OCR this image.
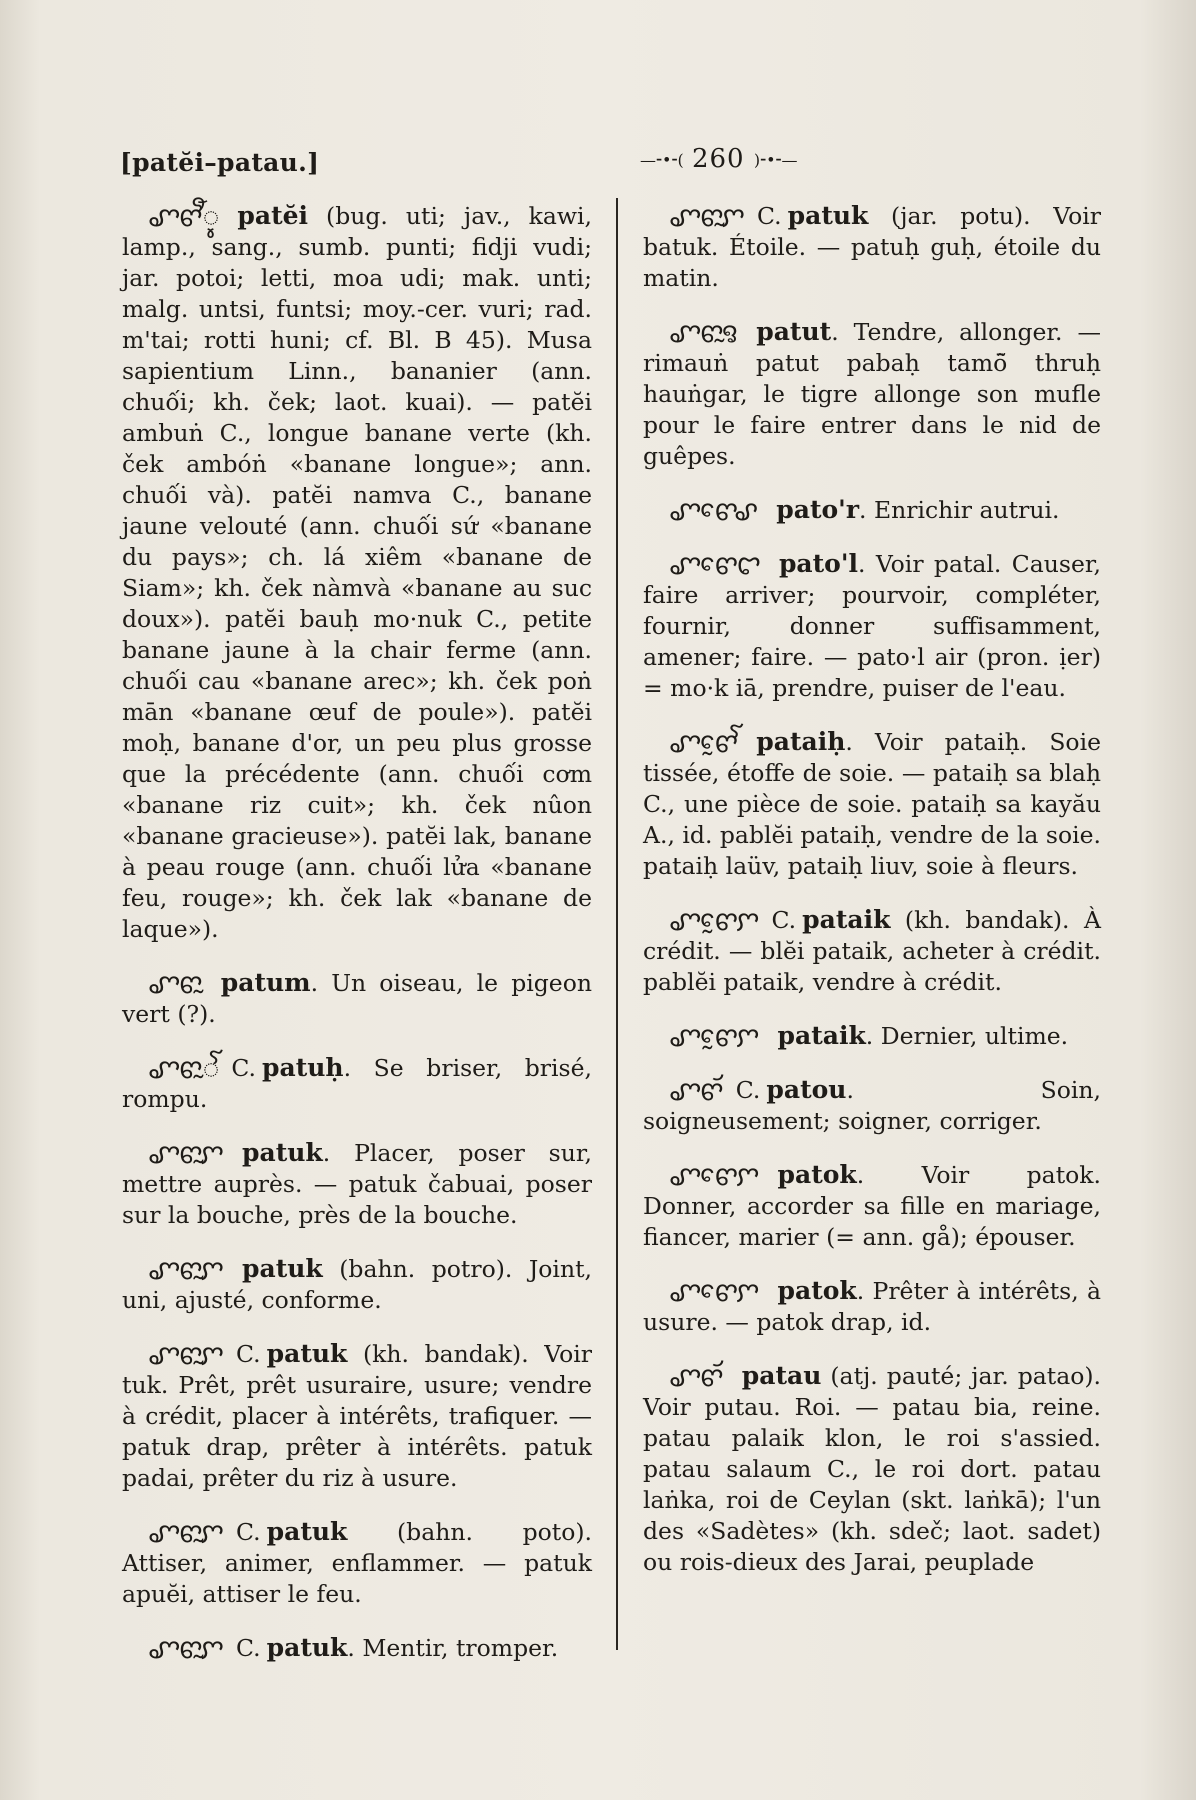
[patĕi–patau.]	—⁃•⁃( 260 )⁃•⁃—

ꨚꨓꨬꨶ patĕi (bug. uti; jav., kawi, lamp., sang., sumb. punti; fidji vudi; jar. potoi; letti, moa udi; mak. unti; malg. untsi, funtsi; moy.-cer. vuri; rad. m'tai; rotti huni; cf. Bl. B 45). Musa sapientium Linn., bananier (ann. chuối; kh. ček; laot. kuai). — patĕi ambuṅ C., longue banane verte (kh. ček ambóṅ «banane longue»; ann. chuối và). patĕi namva C., banane jaune velouté (ann. chuối sứ «banane du pays»; ch. lá xiêm «banane de Siam»; kh. ček nàmvà «banane au suc doux»). patĕi bauḥ mo·nuk C., petite banane jaune à la chair ferme (ann. chuối cau «banane arec»; kh. ček poṅ mān «banane œuf de poule»). patĕi moḥ, banane d'or, un peu plus grosse que la précédente (ann. chuối cơm «banane riz cuit»; kh. ček nûon «banane gracieuse»). patĕi lak, banane à peau rouge (ann. chuối lửa «banane feu, rouge»; kh. ček lak «banane de laque»).

ꨚꨓꨭ patum. Un oiseau, le pigeon vert (?).

ꨚꨓꨭꨱ C. patuḥ. Se briser, brisé, rompu.

ꨚꨓꨭꨆ patuk. Placer, poser sur, mettre auprès. — patuk čabuai, poser sur la bouche, près de la bouche.

ꨚꨓꨭꨆ patuk (bahn. potro). Joint, uni, ajusté, conforme.

ꨚꨓꨭꨆ C. patuk (kh. bandak). Voir tuk. Prêt, prêt usuraire, usure; vendre à crédit, placer à intérêts, trafiquer. — patuk drap, prêter à intérêts. patuk padai, prêter du riz à usure.

ꨚꨓꨭꨆ C. patuk (bahn. poto). Attiser, animer, enflammer. — patuk apuĕi, attiser le feu.

ꨚꨓꨭꨆ C. patuk. Mentir, tromper.

ꨚꨓꨭꨆ C. patuk (jar. potu). Voir batuk. Étoile. — patuḥ guḥ, étoile du matin.

ꨚꨓꨭꨅ patut. Tendre, allonger. — rimauṅ patut pabaḥ tamō̃ thruḥ hauṅgar, le tigre allonge son mufle pour le faire entrer dans le nid de guêpes.

ꨚꨓꨯꨣ pato'r. Enrichir autrui.

ꨚꨓꨯꨤ pato'l. Voir patal. Causer, faire arriver; pourvoir, compléter, fournir, donner suffisamment, amener; faire. — pato·l air (pron. ịer) = mo·k iā, prendre, puiser de l'eau.

ꨚꨓꨰꨱ pataiḥ. Voir pataiḥ. Soie tissée, étoffe de soie. — pataiḥ sa blaḥ C., une pièce de soie. pataiḥ sa kayău A., id. pablĕi pataiḥ, vendre de la soie. pataiḥ laüv, pataiḥ liuv, soie à fleurs.

ꨚꨓꨰꨆ C. pataik (kh. bandak). À crédit. — blĕi pataik, acheter à crédit. pablĕi pataik, vendre à crédit.

ꨚꨓꨰꨆ pataik. Dernier, ultime.

ꨚꨓꨮ C. patou. Soin, soigneusement; soigner, corriger.

ꨚꨓꨯꨆ patok. Voir patok. Donner, accorder sa fille en mariage, fiancer, marier (= ann. gå); épouser.

ꨚꨓꨯꨆ patok. Prêter à intérêts, à usure. — patok drap, id.

ꨚꨓꨮ patau (atj. pauté; jar. patao). Voir putau. Roi. — patau bia, reine. patau palaik klon, le roi s'assied. patau salaum C., le roi dort. patau laṅka, roi de Ceylan (skt. laṅkā); l'un des «Sadètes» (kh. sdeč; laot. sadet) ou rois-dieux des Jarai, peuplade
